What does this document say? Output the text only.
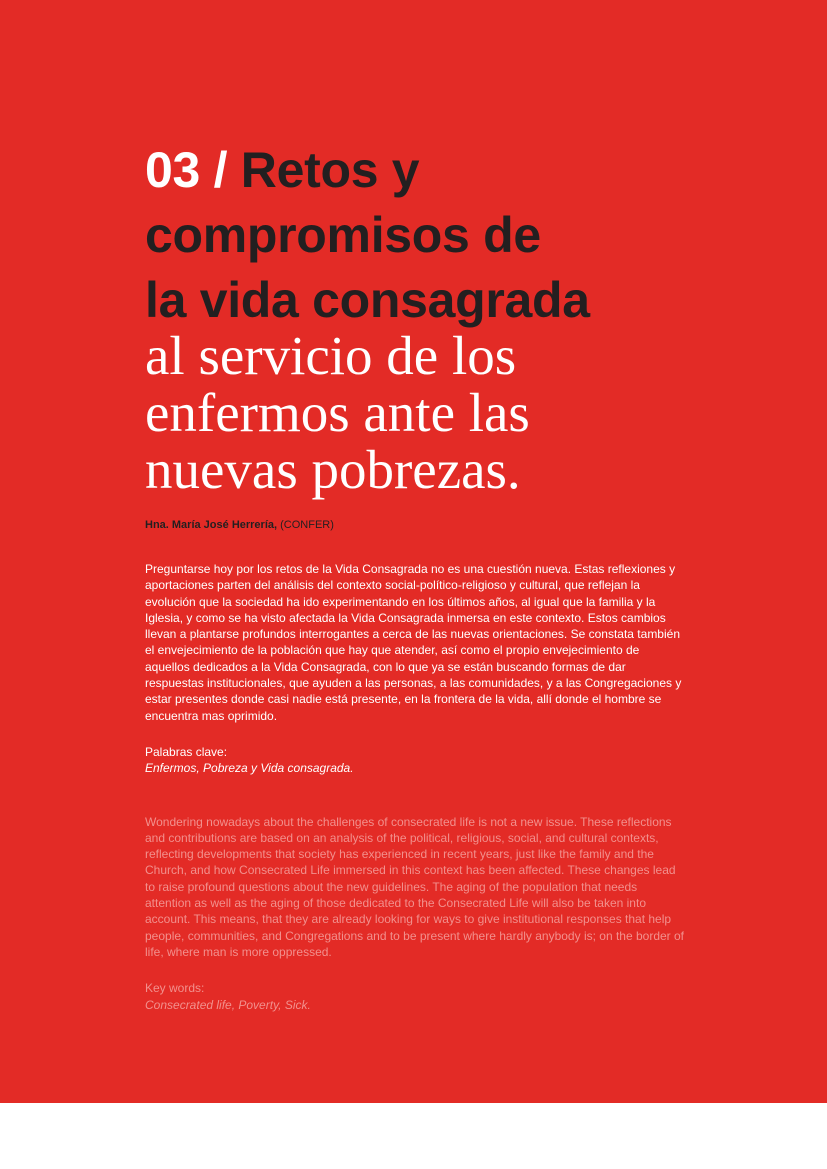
03 / Retos y
compromisos de
la vida consagrada
al servicio de los
enfermos ante las
nuevas pobrezas.
Hna. María José Herrería, (CONFER)

Preguntarse hoy por los retos de la Vida Consagrada no es una cuestión nueva. Estas reflexiones y aportaciones parten del análisis del contexto social-político-religioso y cultural, que reflejan la evolución que la sociedad ha ido experimentando en los últimos años, al igual que la familia y la Iglesia, y como se ha visto afectada la Vida Consagrada inmersa en este contexto. Estos cambios llevan a plantarse profundos interrogantes a cerca de las nuevas orientaciones. Se constata también el envejecimiento de la población que hay que atender, así como el propio envejecimiento de aquellos dedicados a la Vida Consagrada, con lo que ya se están buscando formas de dar respuestas institucionales, que ayuden a las personas, a las comunidades, y a las Congregaciones y estar presentes donde casi nadie está presente, en la frontera de la vida, allí donde el hombre se encuentra mas oprimido.

Palabras clave:
Enfermos, Pobreza y Vida consagrada.

Wondering nowadays about the challenges of consecrated life is not a new issue. These reflections and contributions are based on an analysis of the political, religious, social, and cultural contexts, reflecting developments that society has experienced in recent years, just like the family and the Church, and how Consecrated Life immersed in this context has been affected. These changes lead to raise profound questions about the new guidelines. The aging of the population that needs attention as well as the aging of those dedicated to the Consecrated Life will also be taken into account. This means, that they are already looking for ways to give institutional responses that help people, communities, and Congregations and to be present where hardly anybody is; on the border of life, where man is more oppressed.

Key words:
Consecrated life, Poverty, Sick.
